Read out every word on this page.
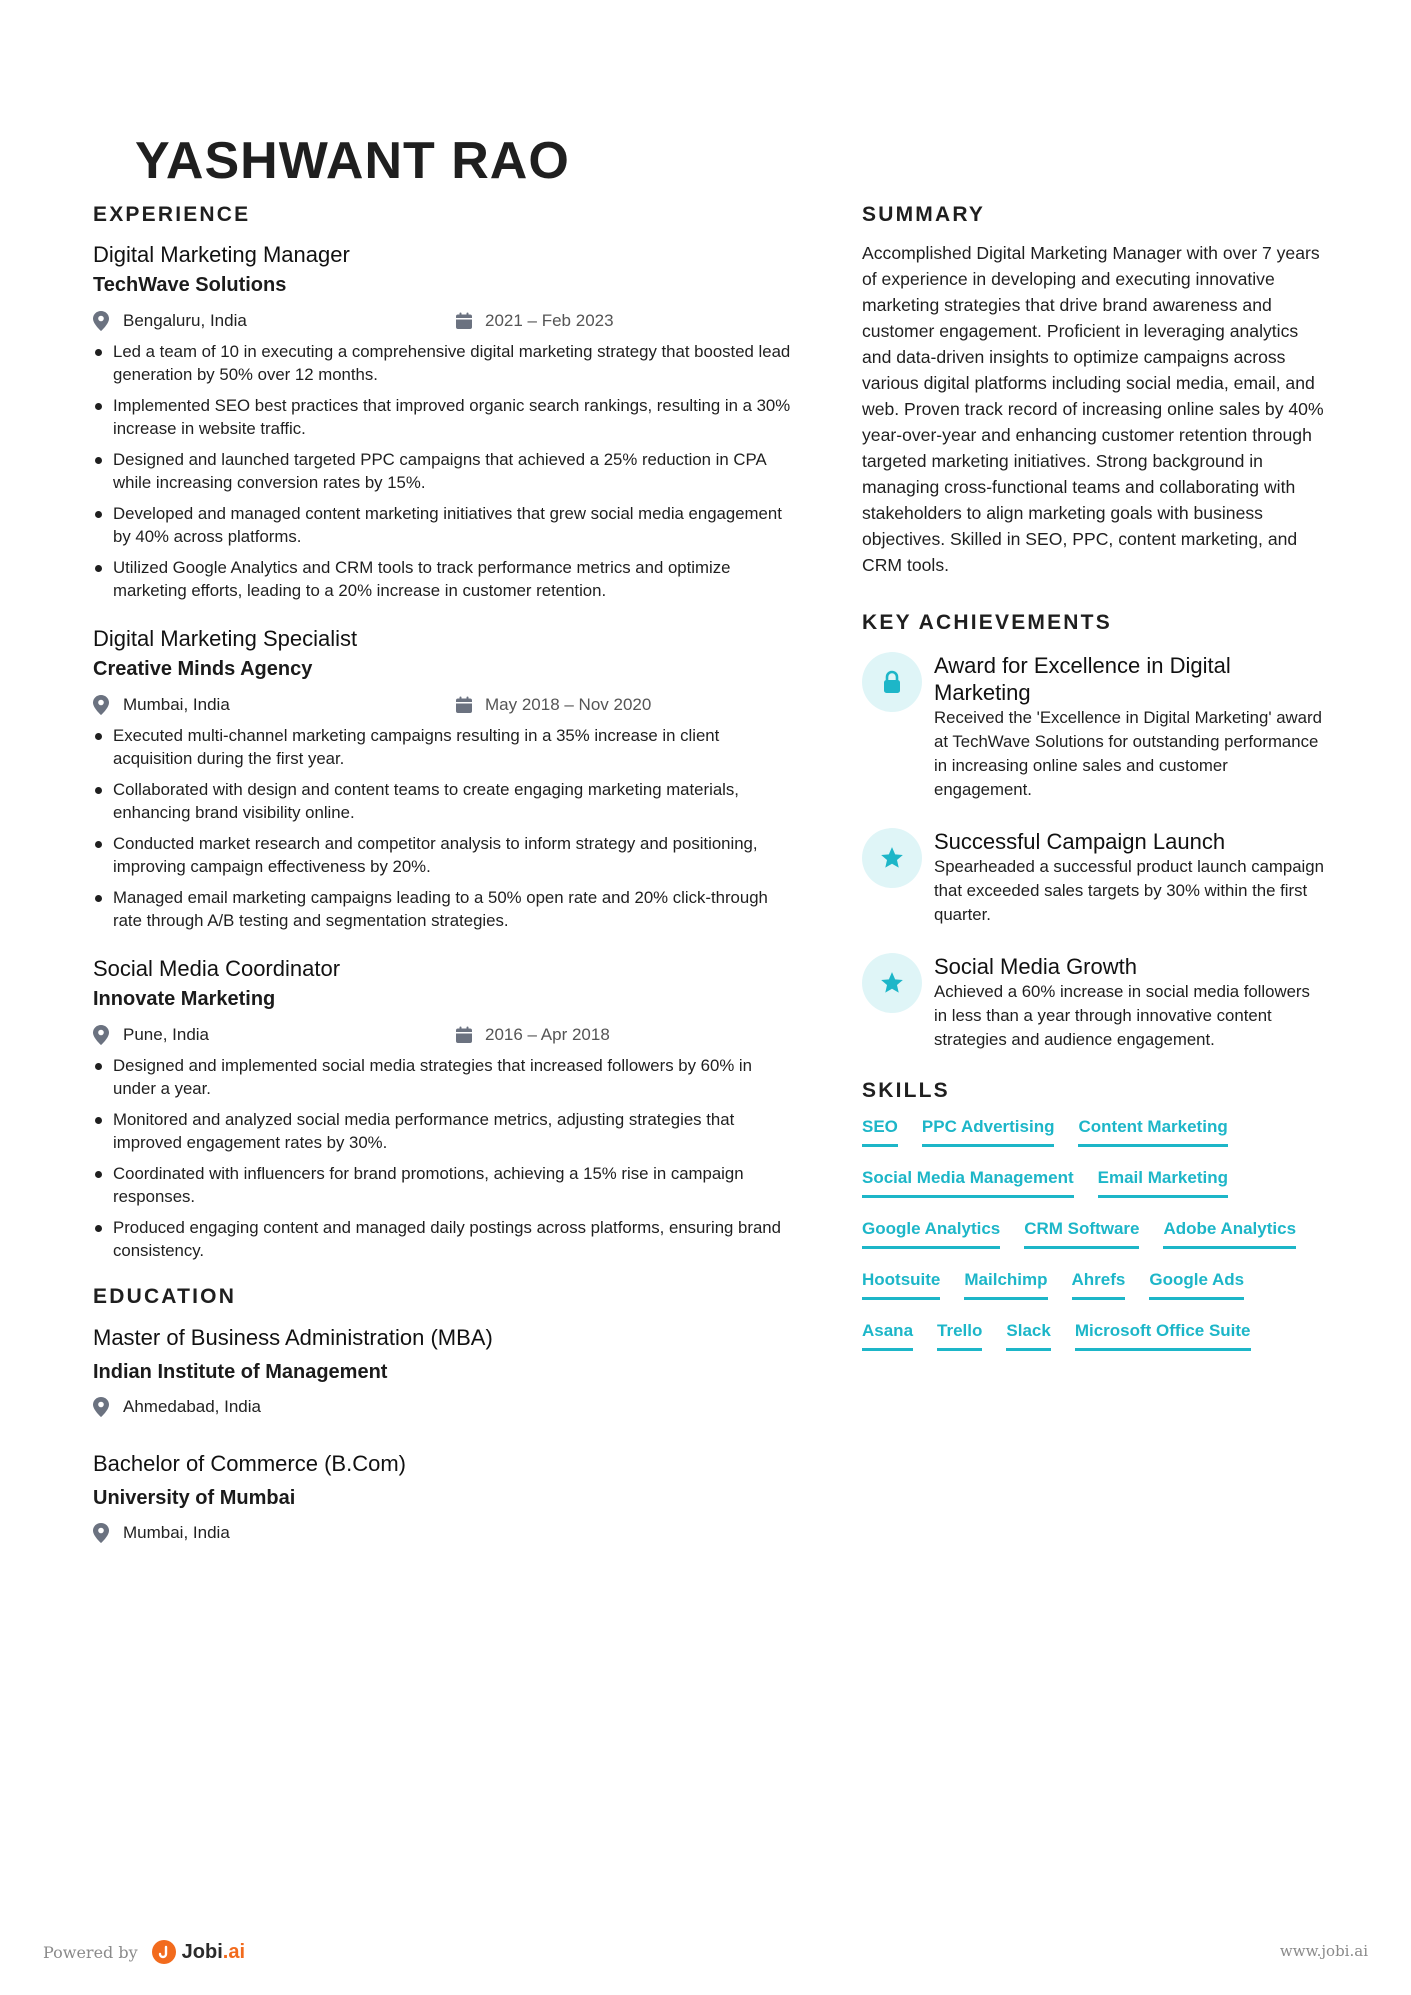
YASHWANT RAO
EXPERIENCE
Digital Marketing Manager
TechWave Solutions
Bengaluru, India	2021 – Feb 2023
Led a team of 10 in executing a comprehensive digital marketing strategy that boosted lead generation by 50% over 12 months.
Implemented SEO best practices that improved organic search rankings, resulting in a 30% increase in website traffic.
Designed and launched targeted PPC campaigns that achieved a 25% reduction in CPA while increasing conversion rates by 15%.
Developed and managed content marketing initiatives that grew social media engagement by 40% across platforms.
Utilized Google Analytics and CRM tools to track performance metrics and optimize marketing efforts, leading to a 20% increase in customer retention.
Digital Marketing Specialist
Creative Minds Agency
Mumbai, India	May 2018 – Nov 2020
Executed multi-channel marketing campaigns resulting in a 35% increase in client acquisition during the first year.
Collaborated with design and content teams to create engaging marketing materials, enhancing brand visibility online.
Conducted market research and competitor analysis to inform strategy and positioning, improving campaign effectiveness by 20%.
Managed email marketing campaigns leading to a 50% open rate and 20% click-through rate through A/B testing and segmentation strategies.
Social Media Coordinator
Innovate Marketing
Pune, India	2016 – Apr 2018
Designed and implemented social media strategies that increased followers by 60% in under a year.
Monitored and analyzed social media performance metrics, adjusting strategies that improved engagement rates by 30%.
Coordinated with influencers for brand promotions, achieving a 15% rise in campaign responses.
Produced engaging content and managed daily postings across platforms, ensuring brand consistency.
EDUCATION
Master of Business Administration (MBA)
Indian Institute of Management
Ahmedabad, India
Bachelor of Commerce (B.Com)
University of Mumbai
Mumbai, India
SUMMARY
Accomplished Digital Marketing Manager with over 7 years of experience in developing and executing innovative marketing strategies that drive brand awareness and customer engagement. Proficient in leveraging analytics and data-driven insights to optimize campaigns across various digital platforms including social media, email, and web. Proven track record of increasing online sales by 40% year-over-year and enhancing customer retention through targeted marketing initiatives. Strong background in managing cross-functional teams and collaborating with stakeholders to align marketing goals with business objectives. Skilled in SEO, PPC, content marketing, and CRM tools.
KEY ACHIEVEMENTS
Award for Excellence in Digital Marketing
Received the 'Excellence in Digital Marketing' award at TechWave Solutions for outstanding performance in increasing online sales and customer engagement.
Successful Campaign Launch
Spearheaded a successful product launch campaign that exceeded sales targets by 30% within the first quarter.
Social Media Growth
Achieved a 60% increase in social media followers in less than a year through innovative content strategies and audience engagement.
SKILLS
SEO PPC Advertising Content Marketing
Social Media Management Email Marketing
Google Analytics CRM Software Adobe Analytics
Hootsuite Mailchimp Ahrefs Google Ads
Asana Trello Slack Microsoft Office Suite
Powered by Jobi.ai	www.jobi.ai
